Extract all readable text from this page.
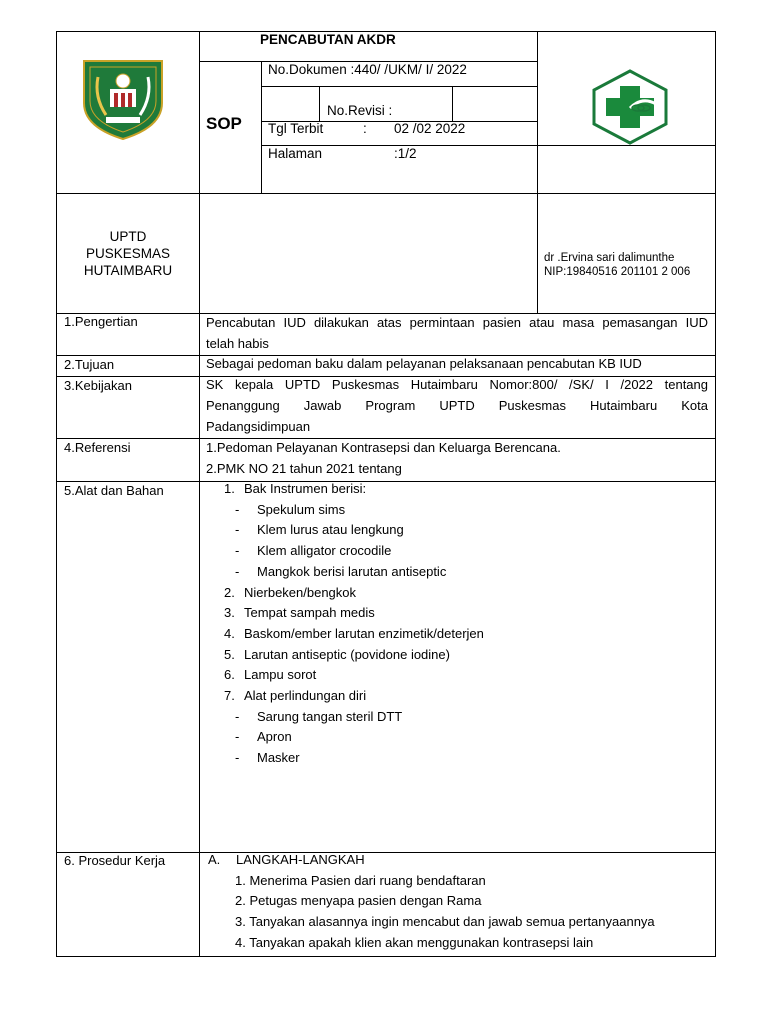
PENCABUTAN AKDR
SOP
No.Dokumen :440/ /UKM/ I/ 2022
No.Revisi :
Tgl Terbit	: 02 /02 2022
Halaman	:1/2
UPTD
PUSKESMAS
HUTAIMBARU
dr .Ervina sari dalimunthe
NIP:19840516 201101 2 006
1.Pengertian	Pencabutan IUD dilakukan atas permintaan pasien atau masa pemasangan IUD
telah habis
2.Tujuan	Sebagai pedoman baku dalam pelayanan pelaksanaan pencabutan KB IUD
3.Kebijakan	SK kepala UPTD Puskesmas Hutaimbaru Nomor:800/ /SK/ I /2022 tentang
Penanggung Jawab Program UPTD Puskesmas Hutaimbaru Kota
Padangsidimpuan
4.Referensi	1.Pedoman Pelayanan Kontrasepsi dan Keluarga Berencana.
2.PMK NO 21 tahun 2021 tentang
5.Alat dan Bahan	1. Bak Instrumen berisi:
- Spekulum sims
- Klem lurus atau lengkung
- Klem alligator crocodile
- Mangkok berisi larutan antiseptic
2. Nierbeken/bengkok
3. Tempat sampah medis
4. Baskom/ember larutan enzimetik/deterjen
5. Larutan antiseptic (povidone iodine)
6. Lampu sorot
7. Alat perlindungan diri
- Sarung tangan steril DTT
- Apron
- Masker
6. Prosedur Kerja	A. LANGKAH-LANGKAH
1. Menerima Pasien dari ruang bendaftaran
2. Petugas menyapa pasien dengan Rama
3. Tanyakan alasannya ingin mencabut dan jawab semua pertanyaannya
4. Tanyakan apakah klien akan menggunakan kontrasepsi lain
